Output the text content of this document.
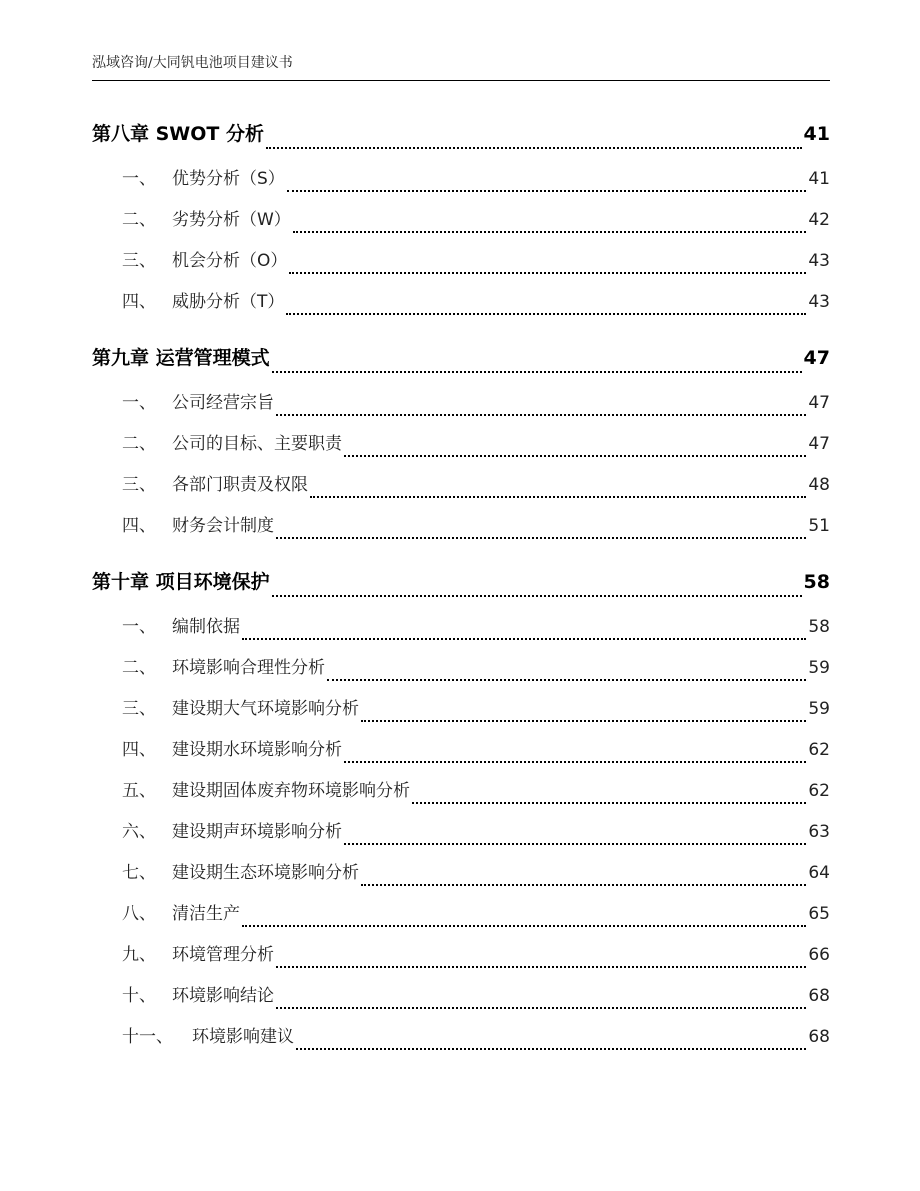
泓域咨询/大同钒电池项目建议书
第八章 SWOT 分析	41
一、 优势分析（S）	41
二、 劣势分析（W）	42
三、 机会分析（O）	43
四、 威胁分析（T）	43
第九章 运营管理模式	47
一、 公司经营宗旨	47
二、 公司的目标、主要职责	47
三、 各部门职责及权限	48
四、 财务会计制度	51
第十章 项目环境保护	58
一、 编制依据	58
二、 环境影响合理性分析	59
三、 建设期大气环境影响分析	59
四、 建设期水环境影响分析	62
五、 建设期固体废弃物环境影响分析	62
六、 建设期声环境影响分析	63
七、 建设期生态环境影响分析	64
八、 清洁生产	65
九、 环境管理分析	66
十、 环境影响结论	68
十一、 环境影响建议	68
